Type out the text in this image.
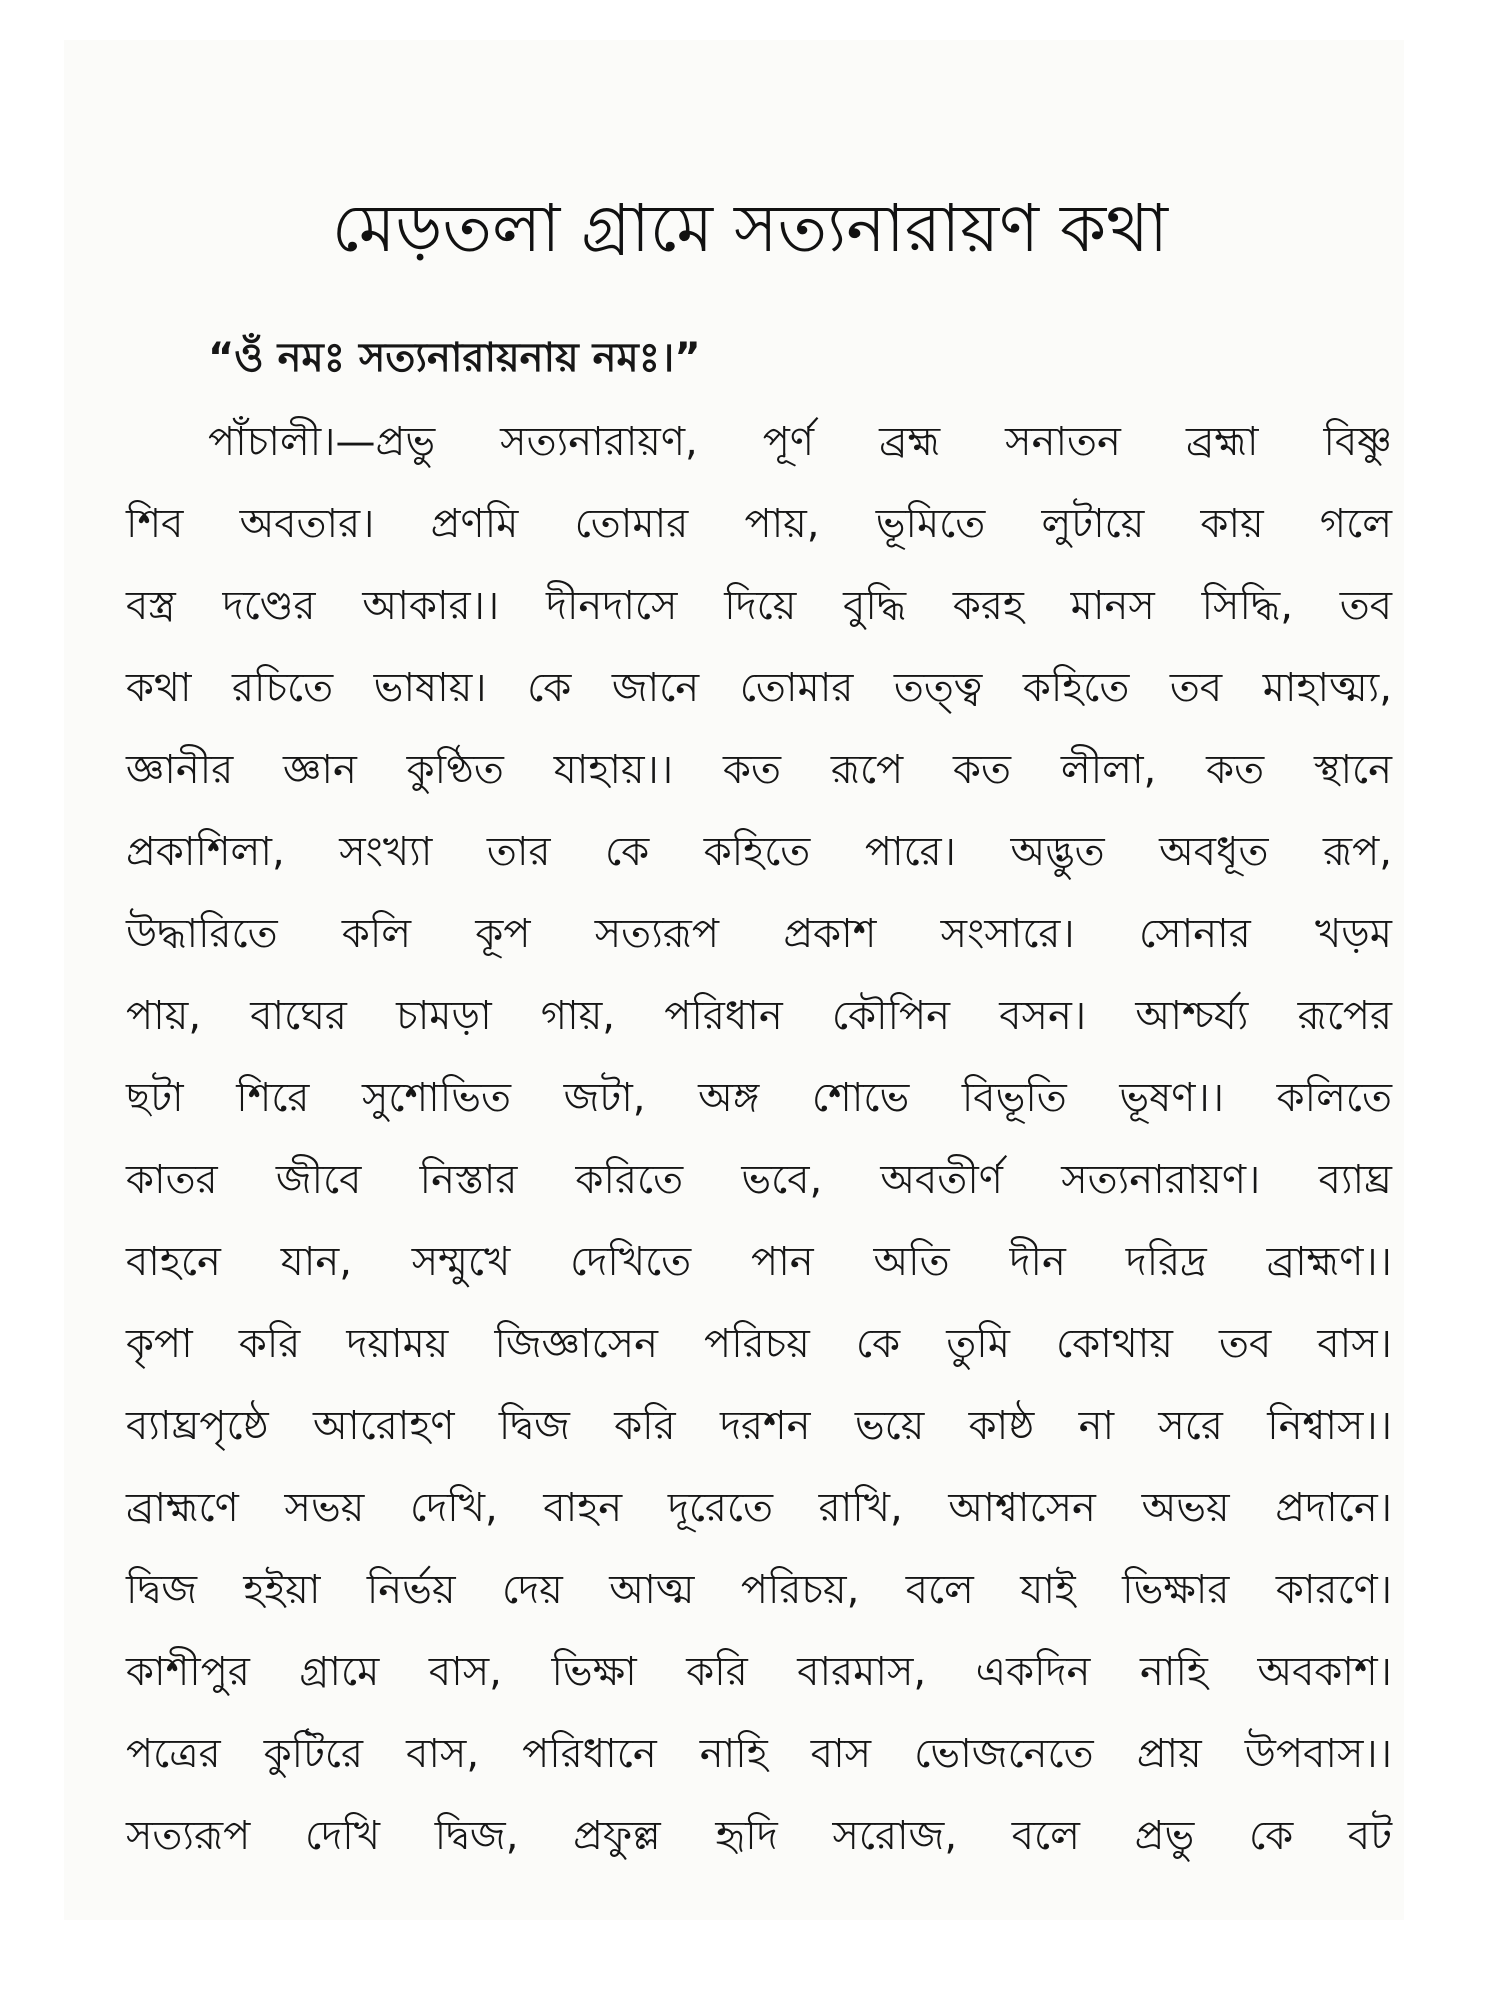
মেড়তলা গ্রামে সত্যনারায়ণ কথা
“ওঁ নমঃ সত্যনারায়নায় নমঃ।”
পাঁচালী।—প্রভু সত্যনারায়ণ, পূর্ণ ব্রহ্ম সনাতন ব্রহ্মা বিষ্ণু
শিব অবতার। প্রণমি তোমার পায়, ভূমিতে লুটায়ে কায় গলে
বস্ত্র দণ্ডের আকার।। দীনদাসে দিয়ে বুদ্ধি করহ মানস সিদ্ধি, তব
কথা রচিতে ভাষায়। কে জানে তোমার তত্ত্ব কহিতে তব মাহাত্ম্য,
জ্ঞানীর জ্ঞান কুণ্ঠিত যাহায়।। কত রূপে কত লীলা, কত স্থানে
প্রকাশিলা, সংখ্যা তার কে কহিতে পারে। অদ্ভুত অবধূত রূপ,
উদ্ধারিতে কলি কূপ সত্যরূপ প্রকাশ সংসারে। সোনার খড়ম
পায়, বাঘের চামড়া গায়, পরিধান কৌপিন বসন। আশ্চর্য্য রূপের
ছটা শিরে সুশোভিত জটা, অঙ্গ শোভে বিভূতি ভূষণ।। কলিতে
কাতর জীবে নিস্তার করিতে ভবে, অবতীর্ণ সত্যনারায়ণ। ব্যাঘ্র
বাহনে যান, সম্মুখে দেখিতে পান অতি দীন দরিদ্র ব্রাহ্মণ।।
কৃপা করি দয়াময় জিজ্ঞাসেন পরিচয় কে তুমি কোথায় তব বাস।
ব্যাঘ্রপৃষ্ঠে আরোহণ দ্বিজ করি দরশন ভয়ে কাষ্ঠ না সরে নিশ্বাস।।
ব্রাহ্মণে সভয় দেখি, বাহন দূরেতে রাখি, আশ্বাসেন অভয় প্রদানে।
দ্বিজ হইয়া নির্ভয় দেয় আত্ম পরিচয়, বলে যাই ভিক্ষার কারণে।
কাশীপুর গ্রামে বাস, ভিক্ষা করি বারমাস, একদিন নাহি অবকাশ।
পত্রের কুটিরে বাস, পরিধানে নাহি বাস ভোজনেতে প্রায় উপবাস।।
সত্যরূপ দেখি দ্বিজ, প্রফুল্ল হৃদি সরোজ, বলে প্রভু কে বট
